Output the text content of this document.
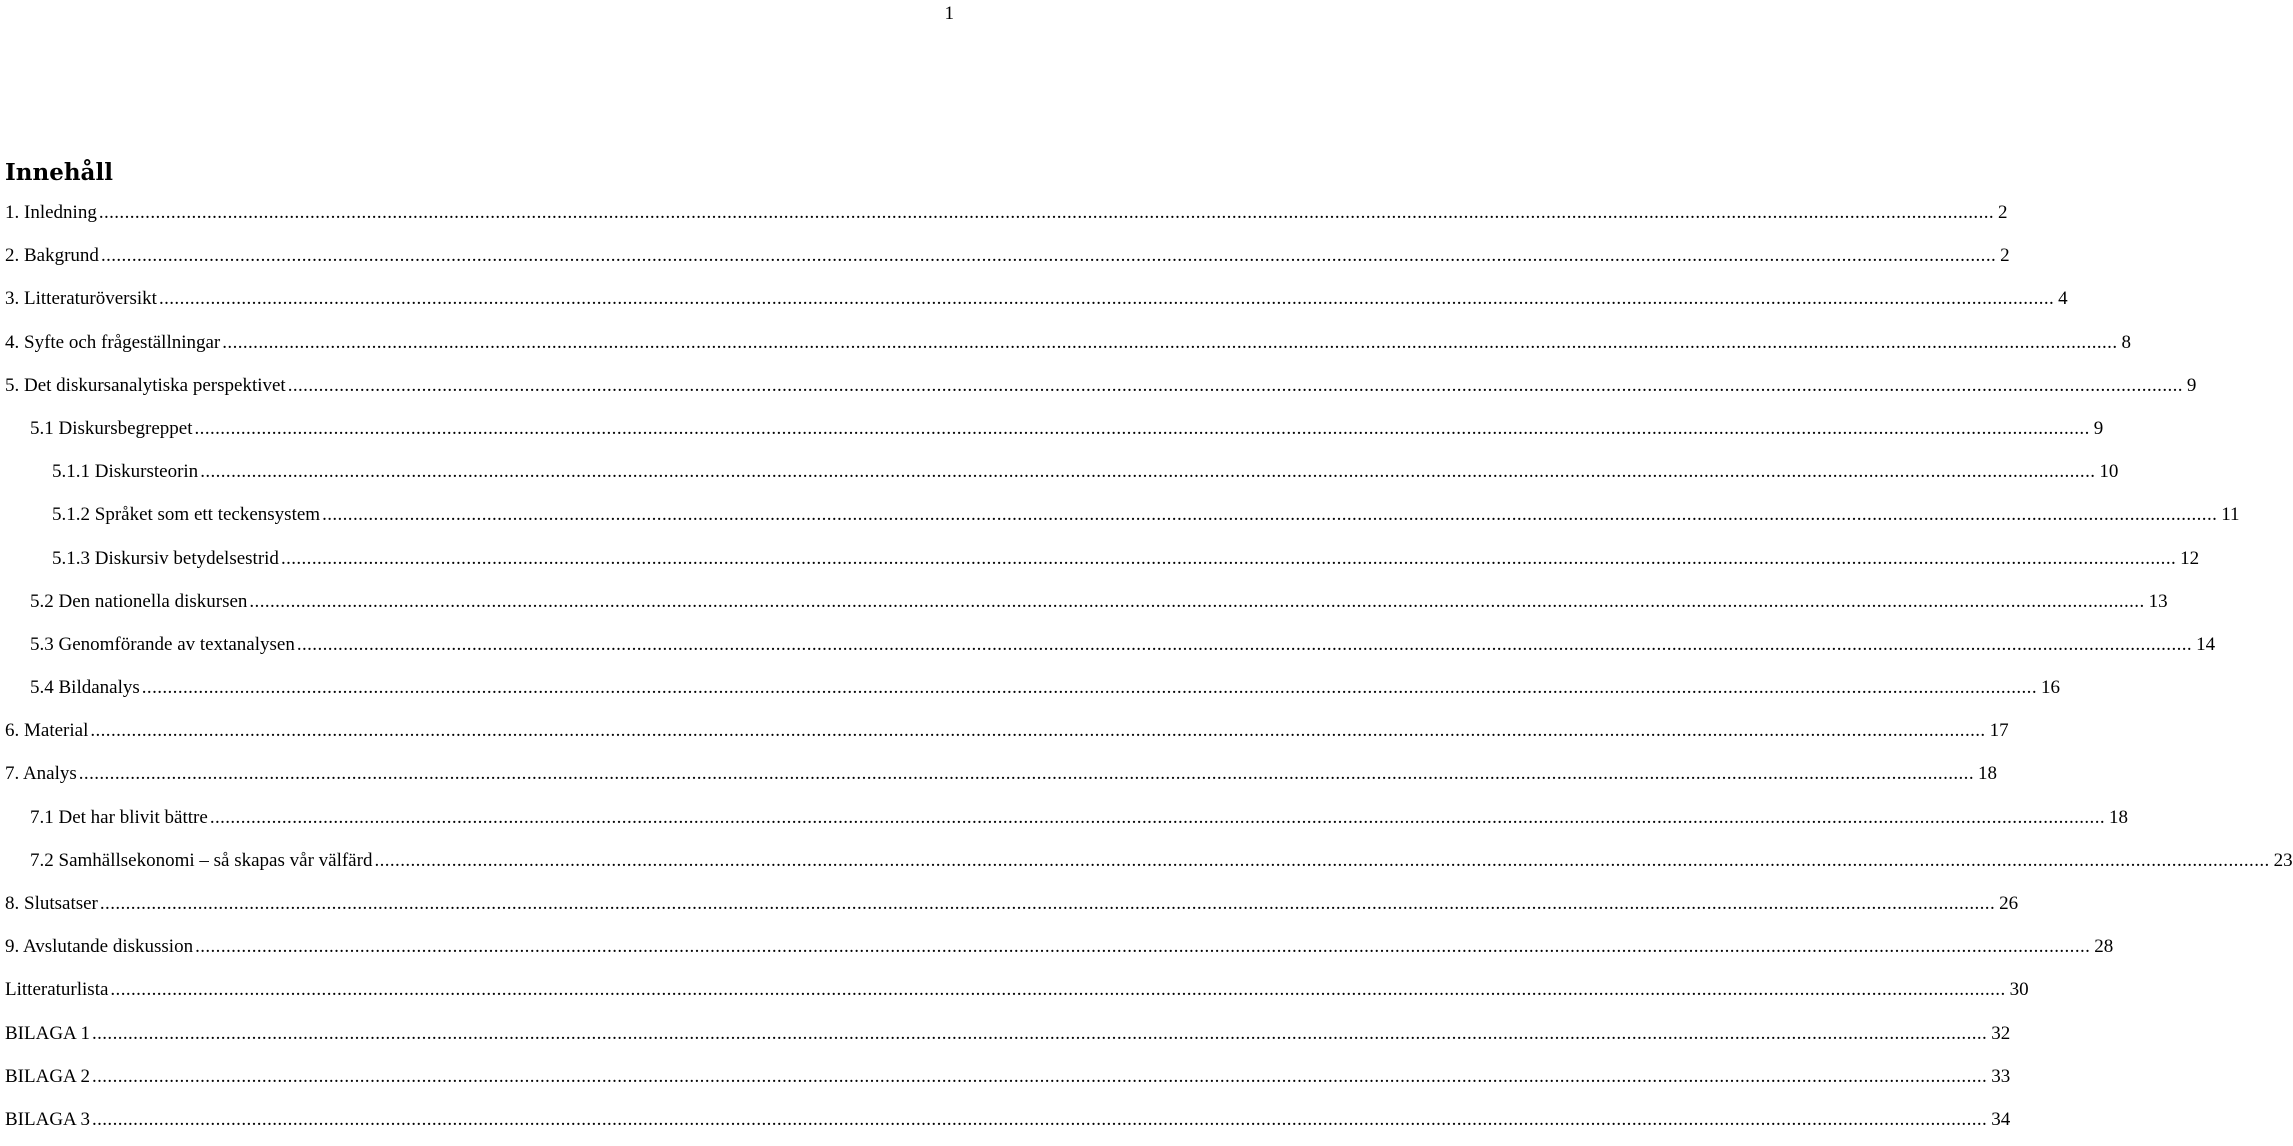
1
Innehåll
1. Inledning .....	2
2. Bakgrund .....	2
3. Litteraturöversikt .....	4
4. Syfte och frågeställningar .....	8
5. Det diskursanalytiska perspektivet .....	9
5.1 Diskursbegreppet .....	9
5.1.1 Diskursteorin .....	10
5.1.2 Språket som ett teckensystem .....	11
5.1.3 Diskursiv betydelsestrid .....	12
5.2 Den nationella diskursen .....	13
5.3 Genomförande av textanalysen .....	14
5.4 Bildanalys .....	16
6. Material .....	17
7. Analys .....	18
7.1 Det har blivit bättre .....	18
7.2 Samhällsekonomi – så skapas vår välfärd .....	23
8. Slutsatser .....	26
9. Avslutande diskussion .....	28
Litteraturlista .....	30
BILAGA 1 .....	32
BILAGA 2 .....	33
BILAGA 3 .....	34
